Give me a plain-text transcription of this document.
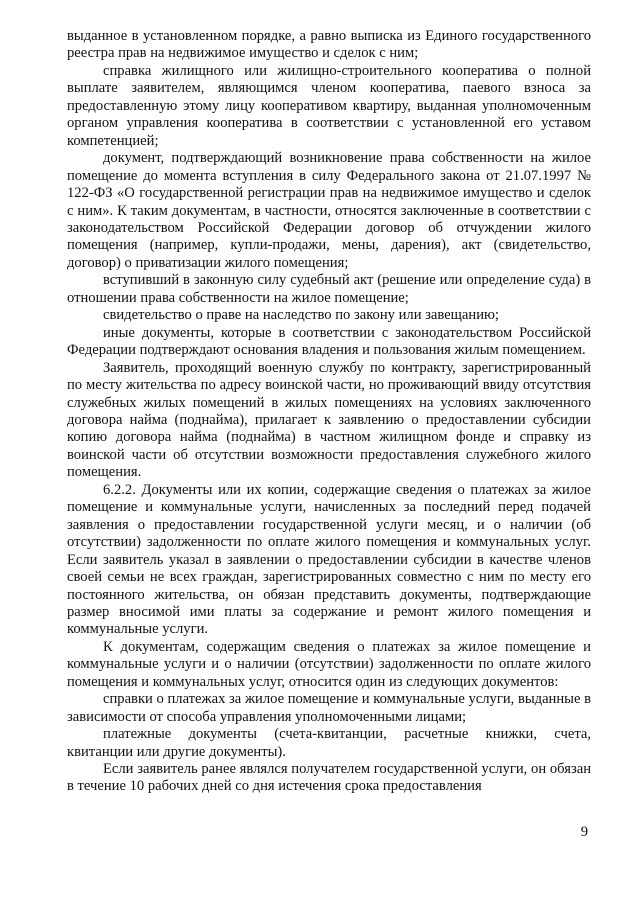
выданное в установленном порядке, а равно выписка из Единого государственного реестра прав на недвижимое имущество и сделок с ним;

справка жилищного или жилищно-строительного кооператива о полной выплате заявителем, являющимся членом кооператива, паевого взноса за предоставленную этому лицу кооперативом квартиру, выданная уполномоченным органом управления кооператива в соответствии с установленной его уставом компетенцией;

документ, подтверждающий возникновение права собственности на жилое помещение до момента вступления в силу Федерального закона от 21.07.1997 № 122-ФЗ «О государственной регистрации прав на недвижимое имущество и сделок с ним». К таким документам, в частности, относятся заключенные в соответствии с законодательством Российской Федерации договор об отчуждении жилого помещения (например, купли-продажи, мены, дарения), акт (свидетельство, договор) о приватизации жилого помещения;

вступивший в законную силу судебный акт (решение или определение суда) в отношении права собственности на жилое помещение;

свидетельство о праве на наследство по закону или завещанию;

иные документы, которые в соответствии с законодательством Российской Федерации подтверждают основания владения и пользования жилым помещением.

Заявитель, проходящий военную службу по контракту, зарегистрированный по месту жительства по адресу воинской части, но проживающий ввиду отсутствия служебных жилых помещений в жилых помещениях на условиях заключенного договора найма (поднайма), прилагает к заявлению о предоставлении субсидии копию договора найма (поднайма) в частном жилищном фонде и справку из воинской части об отсутствии возможности предоставления служебного жилого помещения.

6.2.2. Документы или их копии, содержащие сведения о платежах за жилое помещение и коммунальные услуги, начисленных за последний перед подачей заявления о предоставлении государственной услуги месяц, и о наличии (об отсутствии) задолженности по оплате жилого помещения и коммунальных услуг. Если заявитель указал в заявлении о предоставлении субсидии в качестве членов своей семьи не всех граждан, зарегистрированных совместно с ним по месту его постоянного жительства, он обязан представить документы, подтверждающие размер вносимой ими платы за содержание и ремонт жилого помещения и коммунальные услуги.

К документам, содержащим сведения о платежах за жилое помещение и коммунальные услуги и о наличии (отсутствии) задолженности по оплате жилого помещения и коммунальных услуг, относится один из следующих документов:

справки о платежах за жилое помещение и коммунальные услуги, выданные в зависимости от способа управления уполномоченными лицами;

платежные документы (счета-квитанции, расчетные книжки, счета, квитанции или другие документы).

Если заявитель ранее являлся получателем государственной услуги, он обязан в течение 10 рабочих дней со дня истечения срока предоставления

9
